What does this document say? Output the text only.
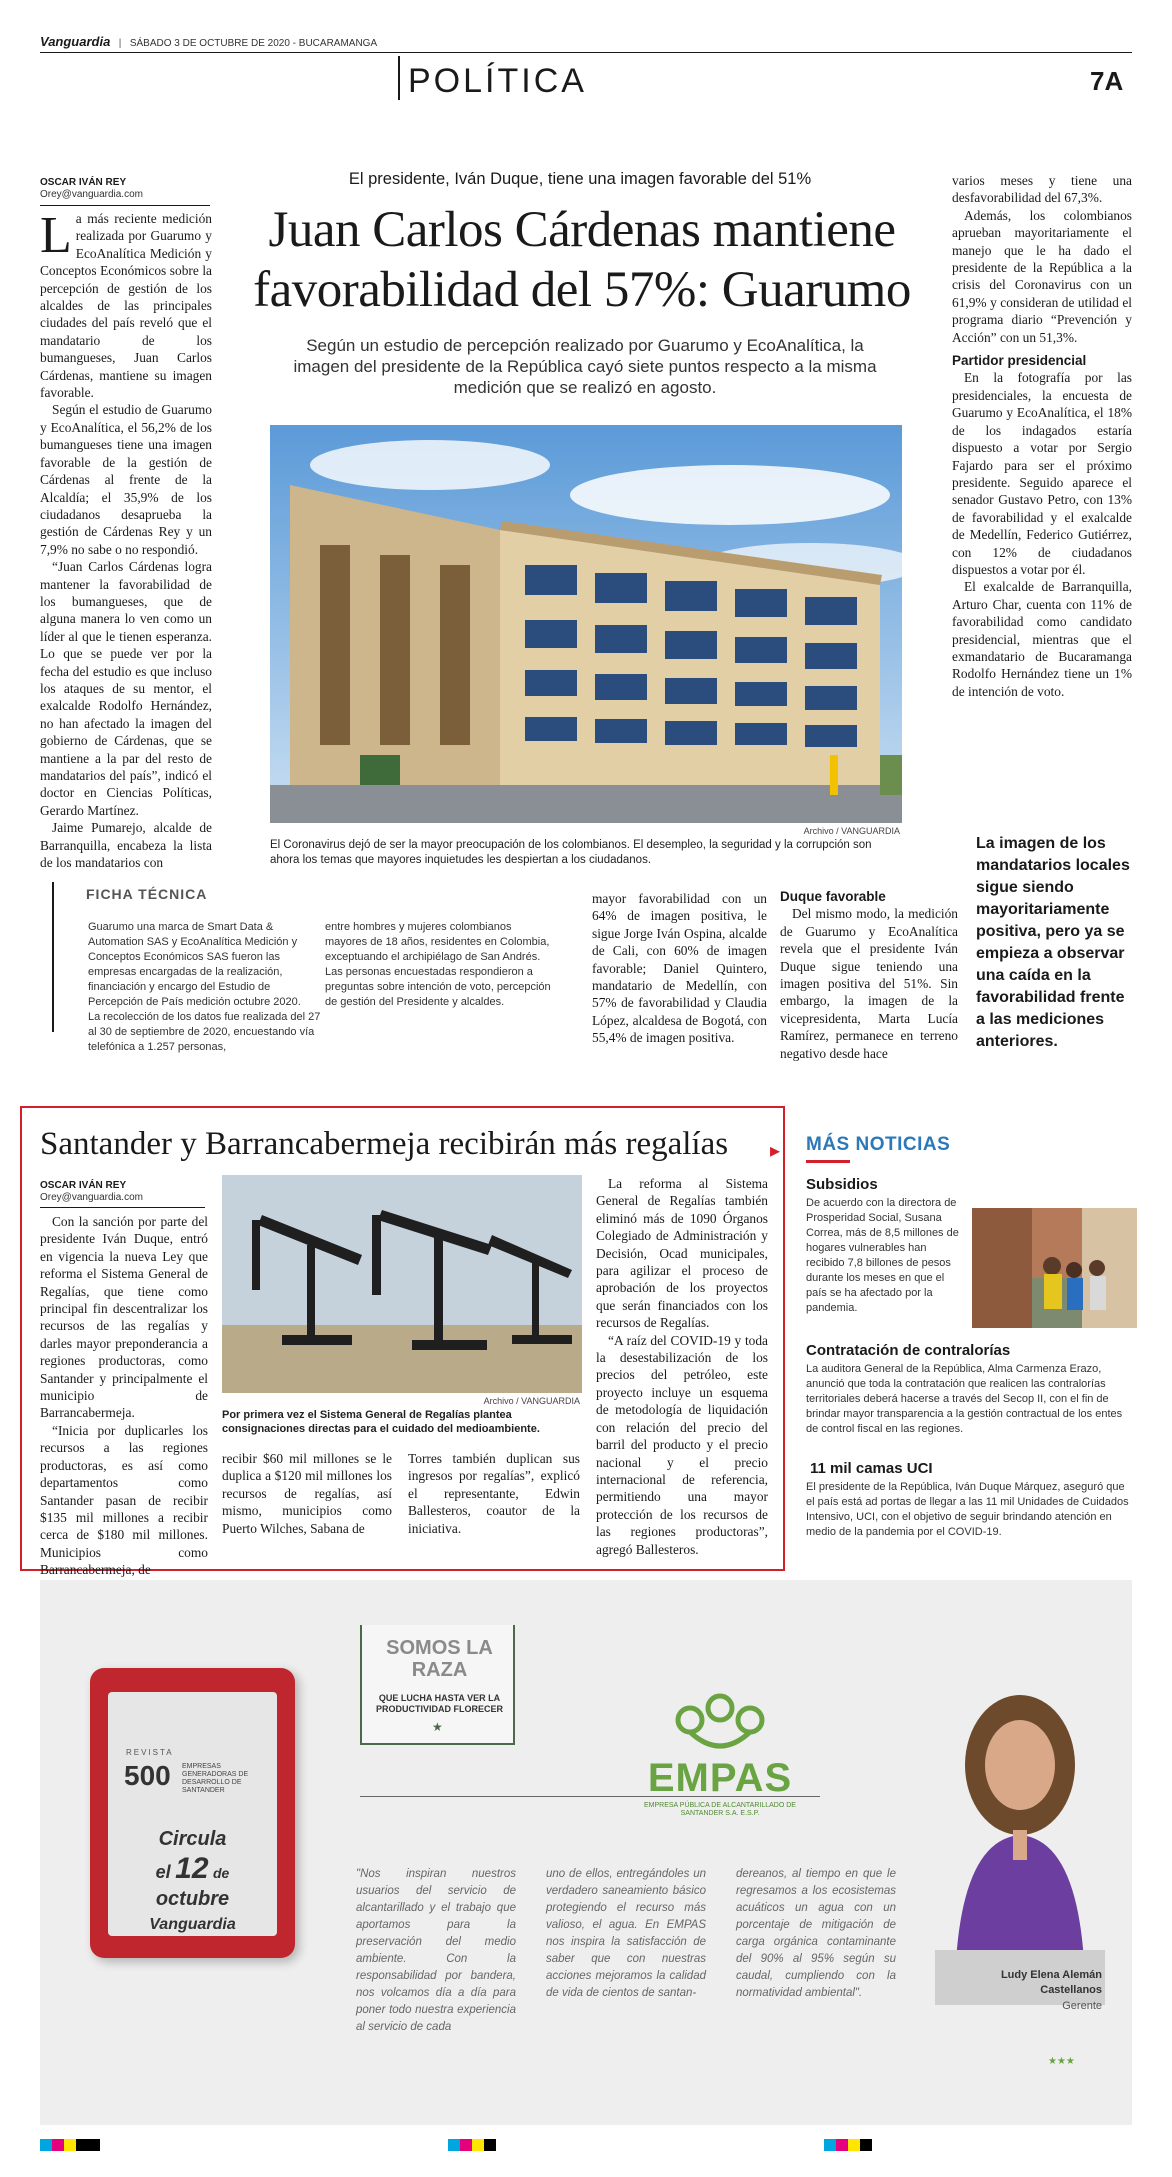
Vanguardia | SÁBADO 3 DE OCTUBRE DE 2020 - BUCARAMANGA
POLÍTICA	7A
OSCAR IVÁN REY
Orey@vanguardia.com

La más reciente medición realizada por Guarumo y EcoAnalítica Medición y Conceptos Económicos sobre la percepción de gestión de los alcaldes de las principales ciudades del país reveló que el mandatario de los bumangueses, Juan Carlos Cárdenas, mantiene su imagen favorable.

Según el estudio de Guarumo y EcoAnalítica, el 56,2% de los bumangueses tiene una imagen favorable de la gestión de Cárdenas al frente de la Alcaldía; el 35,9% de los ciudadanos desaprueba la gestión de Cárdenas Rey y un 7,9% no sabe o no respondió.

“Juan Carlos Cárdenas logra mantener la favorabilidad de los bumangueses, que de alguna manera lo ven como un líder al que le tienen esperanza. Lo que se puede ver por la fecha del estudio es que incluso los ataques de su mentor, el exalcalde Rodolfo Hernández, no han afectado la imagen del gobierno de Cárdenas, que se mantiene a la par del resto de mandatarios del país”, indicó el doctor en Ciencias Políticas, Gerardo Martínez.

Jaime Pumarejo, alcalde de Barranquilla, encabeza la lista de los mandatarios con

El presidente, Iván Duque, tiene una imagen favorable del 51%
Juan Carlos Cárdenas mantiene favorabilidad del 57%: Guarumo
Según un estudio de percepción realizado por Guarumo y EcoAnalítica, la imagen del presidente de la República cayó siete puntos respecto a la misma medición que se realizó en agosto.
Archivo / VANGUARDIA
El Coronavirus dejó de ser la mayor preocupación de los colombianos. El desempleo, la seguridad y la corrupción son ahora los temas que mayores inquietudes les despiertan a los ciudadanos.

varios meses y tiene una desfavorabilidad del 67,3%.

Además, los colombianos aprueban mayoritariamente el manejo que le ha dado el presidente de la República a la crisis del Coronavirus con un 61,9% y consideran de utilidad el programa diario “Prevención y Acción” con un 51,3%.

Partidor presidencial

En la fotografía por las presidenciales, la encuesta de Guarumo y EcoAnalítica, el 18% de los indagados estaría dispuesto a votar por Sergio Fajardo para ser el próximo presidente. Seguido aparece el senador Gustavo Petro, con 13% de favorabilidad y el exalcalde de Medellín, Federico Gutiérrez, con 12% de ciudadanos dispuestos a votar por él.

El exalcalde de Barranquilla, Arturo Char, cuenta con 11% de favorabilidad como candidato presidencial, mientras que el exmandatario de Bucaramanga Rodolfo Hernández tiene un 1% de intención de voto.

La imagen de los mandatarios locales sigue siendo mayoritariamente positiva, pero ya se empieza a observar una caída en la favorabilidad frente a las mediciones anteriores.
FICHA TÉCNICA
Guarumo una marca de Smart Data & Automation SAS y EcoAnalítica Medición y Conceptos Económicos SAS fueron las empresas encargadas de la realización, financiación y encargo del Estudio de Percepción de País medición octubre 2020.
La recolección de los datos fue realizada del 27 al 30 de septiembre de 2020, encuestando vía telefónica a 1.257 personas,
entre hombres y mujeres colombianos mayores de 18 años, residentes en Colombia, exceptuando el archipiélago de San Andrés.
Las personas encuestadas respondieron a preguntas sobre intención de voto, percepción de gestión del Presidente y alcaldes.
mayor favorabilidad con un 64% de imagen positiva, le sigue Jorge Iván Ospina, alcalde de Cali, con 60% de imagen favorable; Daniel Quintero, mandatario de Medellín, con 57% de favorabilidad y Claudia López, alcaldesa de Bogotá, con 55,4% de imagen positiva.

Duque favorable

Del mismo modo, la medición de Guarumo y EcoAnalítica revela que el presidente Iván Duque sigue teniendo una imagen positiva del 51%. Sin embargo, la imagen de la vicepresidenta, Marta Lucía Ramírez, permanece en terreno negativo desde hace

Santander y Barrancabermeja recibirán más regalías
OSCAR IVÁN REY
Orey@vanguardia.com

Con la sanción por parte del presidente Iván Duque, entró en vigencia la nueva Ley que reforma el Sistema General de Regalías, que tiene como principal fin descentralizar los recursos de las regalías y darles mayor preponderancia a regiones productoras, como Santander y principalmente el municipio de Barrancabermeja.

“Inicia por duplicarles los recursos a las regiones productoras, es así como departamentos como Santander pasan de recibir $135 mil millones a recibir cerca de $180 mil millones. Municipios como Barrancabermeja, de

Archivo / VANGUARDIA
Por primera vez el Sistema General de Regalías plantea consignaciones directas para el cuidado del medioambiente.
recibir $60 mil millones se le duplica a $120 mil millones los recursos de regalías, así mismo, municipios como Puerto Wilches, Sabana de
Torres también duplican sus ingresos por regalías”, explicó el representante, Edwin Ballesteros, coautor de la iniciativa.

La reforma al Sistema General de Regalías también eliminó más de 1090 Órganos Colegiado de Administración y Decisión, Ocad municipales, para agilizar el proceso de aprobación de los proyectos que serán financiados con los recursos de Regalías.

“A raíz del COVID-19 y toda la desestabilización de los precios del petróleo, este proyecto incluye un esquema de metodología de liquidación con relación del precio del barril del producto y el precio nacional y el precio internacional de referencia, permitiendo una mayor protección de los recursos de las regiones productoras”, agregó Ballesteros.

▸ MÁS NOTICIAS
Subsidios
De acuerdo con la directora de Prosperidad Social, Susana Correa, más de 8,5 millones de hogares vulnerables han recibido 7,8 billones de pesos durante los meses en que el país se ha afectado por la pandemia.
Contratación de contralorías
La auditora General de la República, Alma Carmenza Erazo, anunció que toda la contratación que realicen las contralorías territoriales deberá hacerse a través del Secop II, con el fin de brindar mayor transparencia a la gestión contractual de los entes de control fiscal en las regiones.
11 mil camas UCI
El presidente de la República, Iván Duque Márquez, aseguró que el país está ad portas de llegar a las 11 mil Unidades de Cuidados Intensivo, UCI, con el objetivo de seguir brindando atención en medio de la pandemia por el COVID-19.
REVISTA
500 EMPRESAS GENERADORAS DE DESARROLLO DE SANTANDER
Circula
el 12 de
octubre
Vanguardia
SOMOS LA RAZA
QUE LUCHA HASTA VER LA PRODUCTIVIDAD FLORECER
★
EMPAS
EMPRESA PÚBLICA DE ALCANTARILLADO DE SANTANDER S.A. E.S.P.
"Nos inspiran nuestros usuarios del servicio de alcantarillado y el trabajo que aportamos para la preservación del medio ambiente. Con la responsabilidad por bandera, nos volcamos día a día para poner todo nuestra experiencia al servicio de cada
uno de ellos, entregándoles un verdadero saneamiento básico protegiendo el recurso más valioso, el agua. En EMPAS nos inspira la satisfacción de saber que con nuestras acciones mejoramos la calidad de vida de cientos de santan-
dereanos, al tiempo en que le regresamos a los ecosistemas acuáticos un agua con un porcentaje de mitigación de carga orgánica contaminante del 90% al 95% según su caudal, cumpliendo con la normatividad ambiental".
Ludy Elena Alemán Castellanos
Gerente
★★★
